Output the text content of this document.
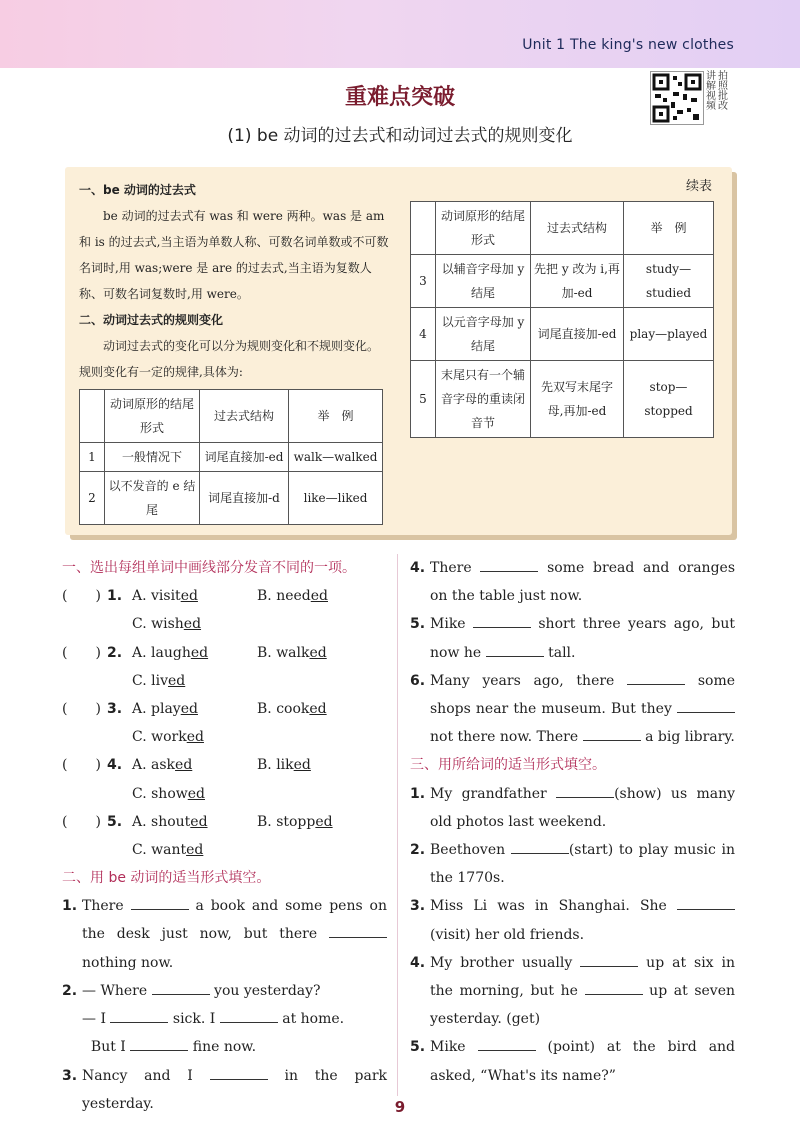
Unit 1 The king's new clothes
重难点突破
(1) be 动词的过去式和动词过去式的规则变化
讲 拍 解 照 视 批 频 改
一、be 动词的过去式

be 动词的过去式有 was 和 were 两种。was 是 am 和 is 的过去式,当主语为单数人称、可数名词单数或不可数名词时,用 was;were 是 are 的过去式,当主语为复数人称、可数名词复数时,用 were。

二、动词过去式的规则变化

动词过去式的变化可以分为规则变化和不规则变化。规则变化有一定的规律,具体为:

续表
	动词原形的结尾形式	过去式结构	举　例
1	一般情况下	词尾直接加-ed	walk—walked
2	以不发音的 e 结尾	词尾直接加-d	like—liked
	动词原形的结尾形式	过去式结构	举　例
3	以辅音字母加 y 结尾	先把 y 改为 i,再加-ed	study—studied
4	以元音字母加 y 结尾	词尾直接加-ed	play—played
5	末尾只有一个辅音字母的重读闭音节	先双写末尾字母,再加-ed	stop—stopped
一、选出每组单词中画线部分发音不同的一项。
(　　) 1. A. visited	B. needed
C. wished
(　　) 2. A. laughed	B. walked
C. lived
(　　) 3. A. played	B. cooked
C. worked
(　　) 4. A. asked	B. liked
C. showed
(　　) 5. A. shouted	B. stopped
C. wanted
二、用 be 动词的适当形式填空。
1. There	a book and some pens on the desk just now, but there  nothing now.
2. — Where	you yesterday?
— I	sick. I	at home.
But I	fine now.
3. Nancy and I	in the park yesterday.
4. There	some bread and oranges on the table just now.
5. Mike	short three years ago, but now he	tall.
6. Many years ago, there	some shops near the museum. But they  not there now. There	a big library.
三、用所给词的适当形式填空。
1. My grandfather	(show) us many old photos last weekend.
2. Beethoven	(start) to play music in the 1770s.
3. Miss Li was in Shanghai. She  (visit) her old friends.
4. My brother usually	up at six in the morning, but he	up at seven yesterday. (get)
5. Mike	(point) at the bird and asked, “What's its name?”
9
